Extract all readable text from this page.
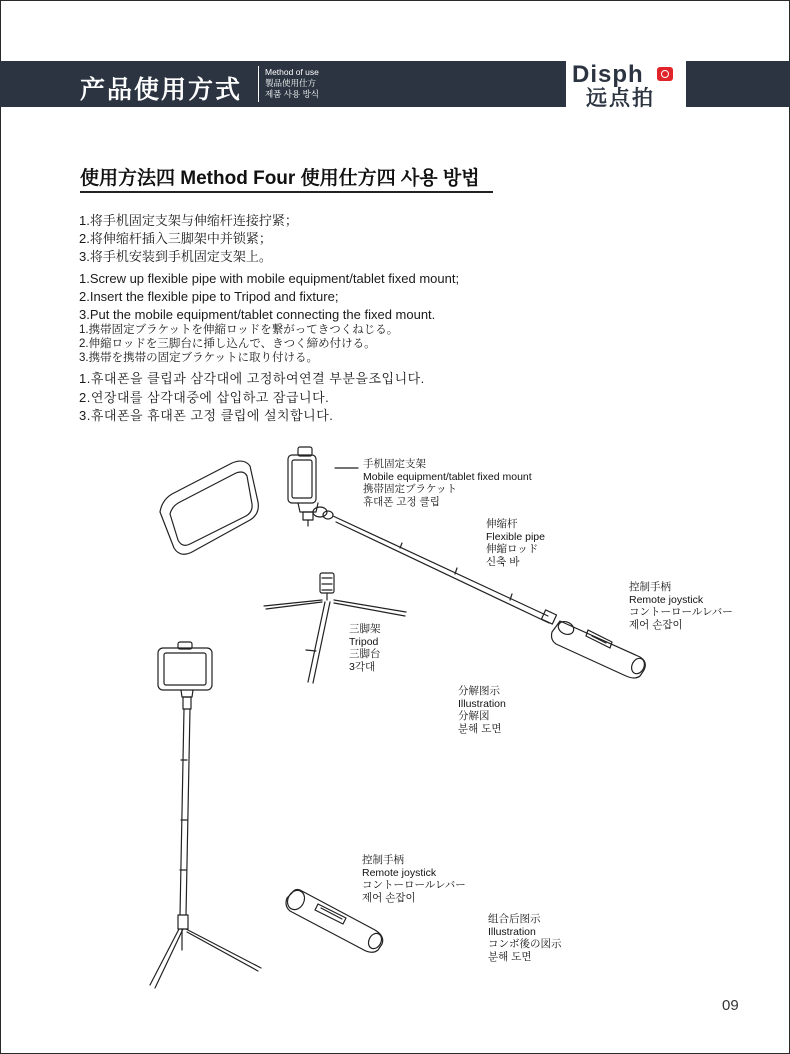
产品使用方式
Method of use
製品使用仕方
제품 사용 방식
Disph
远点拍
使用方法四 Method Four 使用仕方四 사용 방법
1.将手机固定支架与伸缩杆连接拧紧；
2.将伸缩杆插入三脚架中并锁紧；
3.将手机安装到手机固定支架上。
1.Screw up flexible pipe with mobile equipment/tablet fixed mount;
2.Insert the flexible pipe to Tripod and fixture;
3.Put the mobile equipment/tablet connecting the fixed mount.
1.携帯固定ブラケットを伸縮ロッドを繋がってきつくねじる。
2.伸縮ロッドを三脚台に挿し込んで、きつく締め付ける。
3.携帯を携帯の固定ブラケットに取り付ける。
1.휴대폰을 클립과 삼각대에 고정하여연결 부분을조입니다.
2.연장대를 삼각대중에 삽입하고 잠급니다.
3.휴대폰을 휴대폰 고정 클립에 설치합니다.
手机固定支架
Mobile equipment/tablet fixed mount
携帯固定ブラケット
휴대폰 고정 클립
伸缩杆
Flexible pipe
伸縮ロッド
신축 바
控制手柄
Remote joystick
コントーロールレバー
제어 손잡이
三脚架
Tripod
三脚台
3각대
分解图示
Illustration
分解図
분해 도면
控制手柄
Remote joystick
コントーロールレバー
제어 손잡이
组合后图示
Illustration
コンボ後の図示
분해 도면
09
